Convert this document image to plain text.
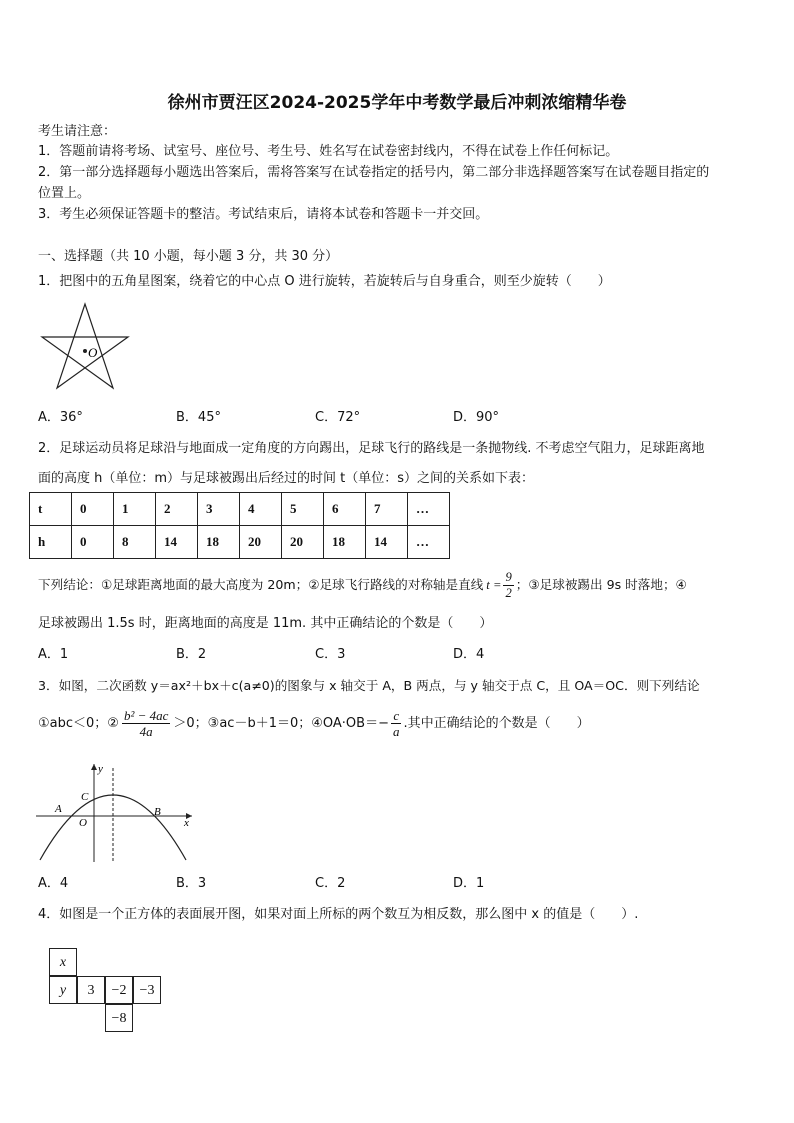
徐州市贾汪区2024-2025学年中考数学最后冲刺浓缩精华卷
考生请注意：
1．答题前请将考场、试室号、座位号、考生号、姓名写在试卷密封线内，不得在试卷上作任何标记。
2．第一部分选择题每小题选出答案后，需将答案写在试卷指定的括号内，第二部分非选择题答案写在试卷题目指定的
位置上。
3．考生必须保证答题卡的整洁。考试结束后，请将本试卷和答题卡一并交回。
一、选择题（共 10 小题，每小题 3 分，共 30 分）
1．把图中的五角星图案，绕着它的中心点 O 进行旋转，若旋转后与自身重合，则至少旋转（　　）
O
A．36°	B．45°	C．72°	D．90°
2．足球运动员将足球沿与地面成一定角度的方向踢出，足球飞行的路线是一条抛物线. 不考虑空气阻力，足球距离地
面的高度 h（单位：m）与足球被踢出后经过的时间 t（单位：s）之间的关系如下表：
t	0	1	2	3	4	5	6	7	…
h	0	8	14	18	20	20	18	14	…
下列结论：①足球距离地面的最大高度为 20m；②足球飞行路线的对称轴是直线 $t = \frac{9}{2}$ ；③足球被踢出 9s 时落地；④
足球被踢出 1.5s 时，距离地面的高度是 11m. 其中正确结论的个数是（　　）
A．1	B．2	C．3	D．4
3．如图，二次函数 y＝ax²＋bx＋c(a≠0)的图象与 x 轴交于 A，B 两点，与 y 轴交于点 C，且 OA＝OC．则下列结论
①abc＜0；② $\frac{\text{b² − 4ac}}{4a} >0$；③ac－b＋1＝0；④OA·OB＝− $\frac{c}{a}$ .其中正确结论的个数是（　　）
y
x
A	B
C
O
A．4	B．3	C．2	D．1
4．如图是一个正方体的表面展开图，如果对面上所标的两个数互为相反数，那么图中 x 的值是（　　）.
x
y	3	−2 −3
−8
